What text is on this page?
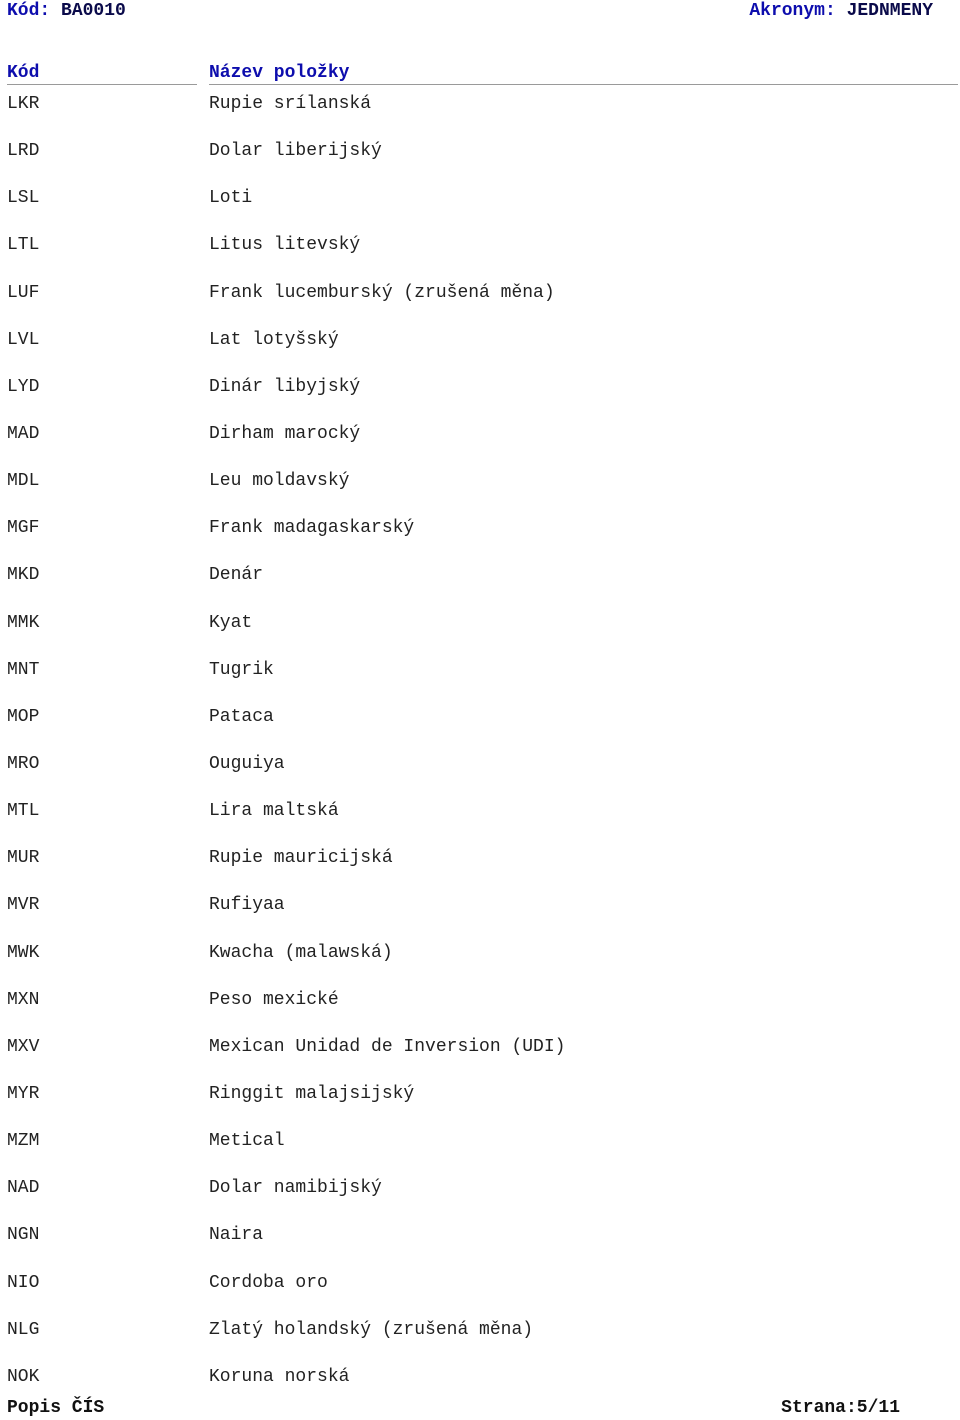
Kód: BA0010	Akronym: JEDNMENY
Kód	Název položky
LKR	Rupie srílanská
LRD	Dolar liberijský
LSL	Loti
LTL	Litus litevský
LUF	Frank lucemburský (zrušená měna)
LVL	Lat lotyšský
LYD	Dinár libyjský
MAD	Dirham marocký
MDL	Leu moldavský
MGF	Frank madagaskarský
MKD	Denár
MMK	Kyat
MNT	Tugrik
MOP	Pataca
MRO	Ouguiya
MTL	Lira maltská
MUR	Rupie mauricijská
MVR	Rufiyaa
MWK	Kwacha (malawská)
MXN	Peso mexické
MXV	Mexican Unidad de Inversion (UDI)
MYR	Ringgit malajsijský
MZM	Metical
NAD	Dolar namibijský
NGN	Naira
NIO	Cordoba oro
NLG	Zlatý holandský (zrušená měna)
NOK	Koruna norská
Popis ČÍS	Strana:5/11
